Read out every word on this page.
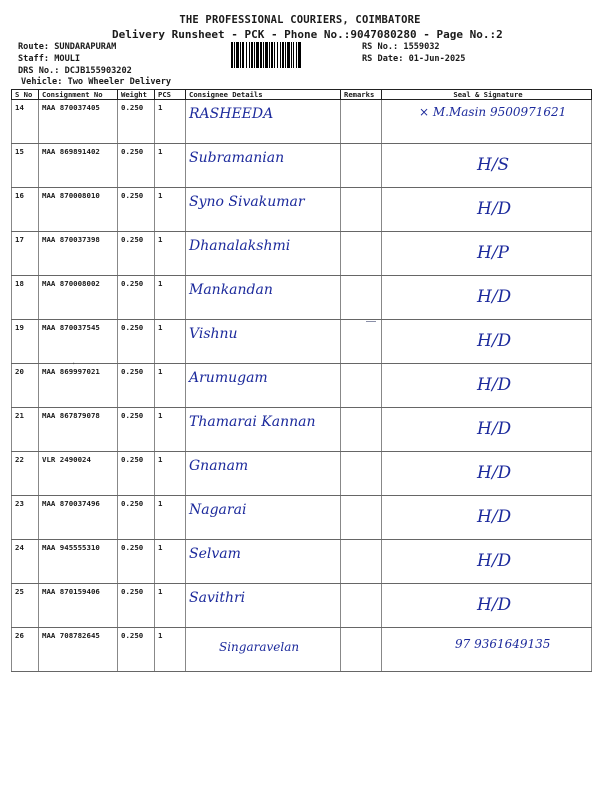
THE PROFESSIONAL COURIERS, COIMBATORE
Delivery Runsheet - PCK - Phone No.:9047080280 - Page No.:2
Route: SUNDARAPURAM
Staff: MOULI
DRS No.: DCJB155903202
Vehicle: Two Wheeler Delivery
RS No.: 1559032
RS Date: 01-Jun-2025
S No	Consignment No	Weight	PCS	Consignee Details	Remarks	Seal & Signature
14	MAA 870037405	0.250	1	RASHEEDA		× M.Masin 9500971621

15	MAA 869891402	0.250	1	Subramanian		H/S

16	MAA 870008010	0.250	1	Syno Sivakumar		H/D

17	MAA 870037398	0.250	1	Dhanalakshmi		H/P

18	MAA 870008002	0.250	1	Mankandan		H/D

19	MAA 870037545	0.250	1	Vishnu		H/D

20	MAA 869997021	0.250	1	Arumugam		H/D

21	MAA 867879078	0.250	1	Thamarai Kannan		H/D

22	VLR 2490024	0.250	1	Gnanam		H/D

23	MAA 870037496	0.250	1	Nagarai		H/D

24	MAA 945555310	0.250	1	Selvam		H/D

25	MAA 870159406	0.250	1	Savithri		H/D

26	MAA 708782645	0.250	1	Singaravelan		97 9361649135
'
